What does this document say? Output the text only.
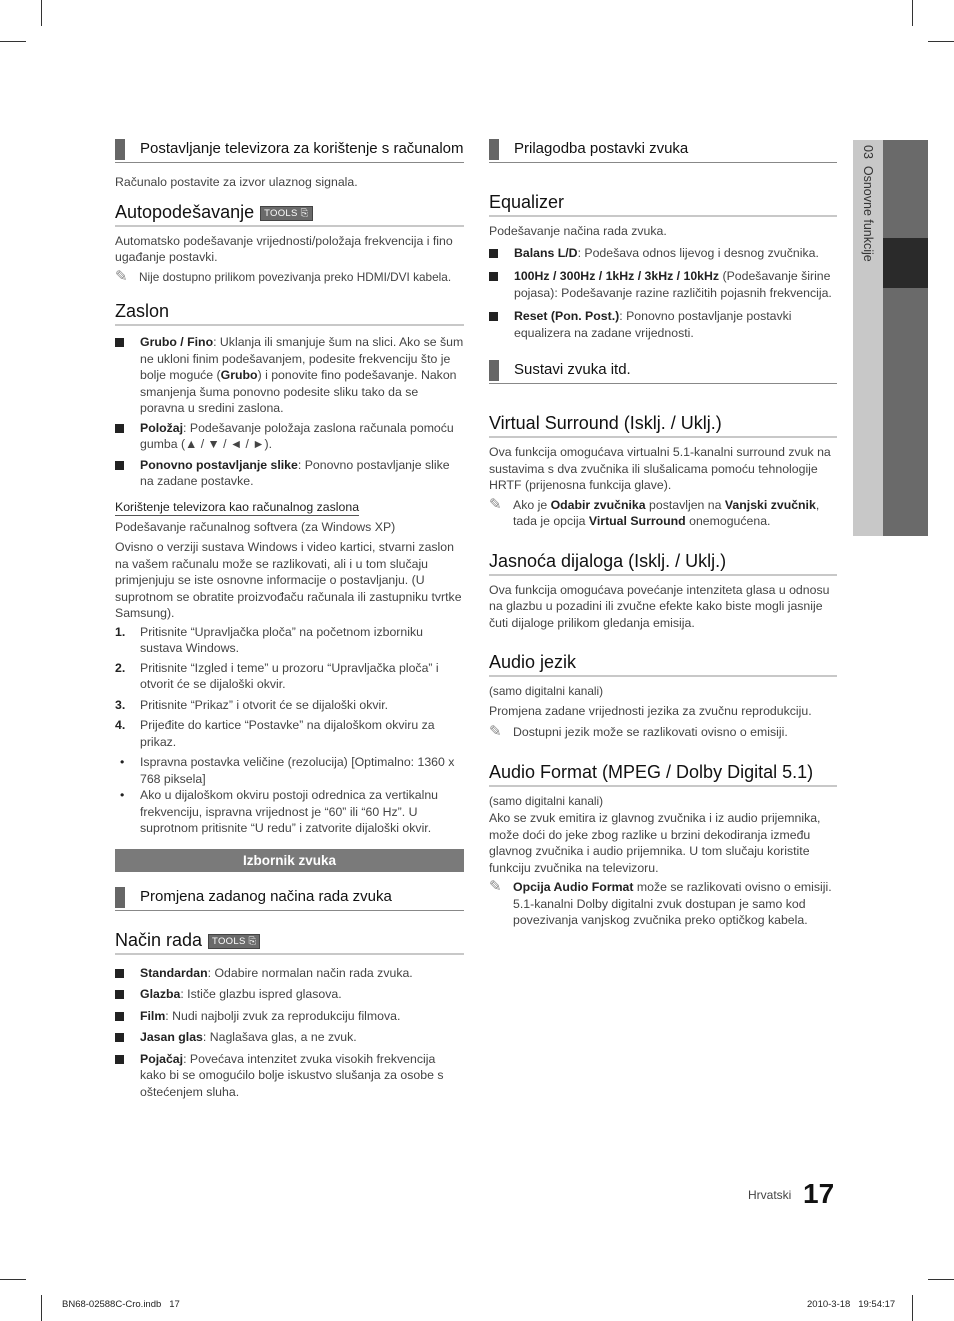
03  Osnovne funkcije
Postavljanje televizora za korištenje s računalom
Računalo postavite za izvor ulaznog signala.
Autopodešavanje TOOLS ⎘
Automatsko podešavanje vrijednosti/položaja frekvencija i fino ugađanje postavki.
✎ Nije dostupno prilikom povezivanja preko HDMI/DVI kabela.
Zaslon
Grubo / Fino: Uklanja ili smanjuje šum na slici. Ako se šum ne ukloni finim podešavanjem, podesite frekvenciju što je bolje moguće (Grubo) i ponovite fino podešavanje. Nakon smanjenja šuma ponovno podesite sliku tako da se poravna u sredini zaslona.
Položaj: Podešavanje položaja zaslona računala pomoću gumba (▲ / ▼ / ◄ / ►).
Ponovno postavljanje slike: Ponovno postavljanje slike na zadane postavke.
Korištenje televizora kao računalnog zaslona
Podešavanje računalnog softvera (za Windows XP)
Ovisno o verziji sustava Windows i video kartici, stvarni zaslon na vašem računalu može se razlikovati, ali i u tom slučaju primjenjuju se iste osnovne informacije o postavljanju. (U suprotnom se obratite proizvođaču računala ili zastupniku tvrtke Samsung).
1. Pritisnite “Upravljačka ploča” na početnom izborniku sustava Windows.
2. Pritisnite “Izgled i teme” u prozoru “Upravljačka ploča” i otvorit će se dijaloški okvir.
3. Pritisnite “Prikaz” i otvorit će se dijaloški okvir.
4. Prijeđite do kartice “Postavke” na dijaloškom okviru za prikaz.
• Ispravna postavka veličine (rezolucija) [Optimalno: 1360 x 768 piksela]
• Ako u dijaloškom okviru postoji odrednica za vertikalnu frekvenciju, ispravna vrijednost je “60” ili “60 Hz”. U suprotnom pritisnite “U redu” i zatvorite dijaloški okvir.
Izbornik zvuka
Promjena zadanog načina rada zvuka
Način rada TOOLS ⎘
Standardan: Odabire normalan način rada zvuka.
Glazba: Ističe glazbu ispred glasova.
Film: Nudi najbolji zvuk za reprodukciju filmova.
Jasan glas: Naglašava glas, a ne zvuk.
Pojačaj: Povećava intenzitet zvuka visokih frekvencija kako bi se omogućilo bolje iskustvo slušanja za osobe s oštećenjem sluha.
Prilagodba postavki zvuka
Equalizer
Podešavanje načina rada zvuka.
Balans L/D: Podešava odnos lijevog i desnog zvučnika.
100Hz / 300Hz / 1kHz / 3kHz / 10kHz (Podešavanje širine pojasa): Podešavanje razine različitih pojasnih frekvencija.
Reset (Pon. Post.): Ponovno postavljanje postavki equalizera na zadane vrijednosti.
Sustavi zvuka itd.
Virtual Surround (Isklj. / Uklj.)
Ova funkcija omogućava virtualni 5.1-kanalni surround zvuk na sustavima s dva zvučnika ili slušalicama pomoću tehnologije HRTF (prijenosna funkcija glave).
✎ Ako je Odabir zvučnika postavljen na Vanjski zvučnik, tada je opcija Virtual Surround onemogućena.
Jasnoća dijaloga (Isklj. / Uklj.)
Ova funkcija omogućava povećanje intenziteta glasa u odnosu na glazbu u pozadini ili zvučne efekte kako biste mogli jasnije čuti dijaloge prilikom gledanja emisija.
Audio jezik
(samo digitalni kanali)
Promjena zadane vrijednosti jezika za zvučnu reprodukciju.
✎ Dostupni jezik može se razlikovati ovisno o emisiji.
Audio Format (MPEG / Dolby Digital 5.1)
(samo digitalni kanali)
Ako se zvuk emitira iz glavnog zvučnika i iz audio prijemnika, može doći do jeke zbog razlike u brzini dekodiranja između glavnog zvučnika i audio prijemnika. U tom slučaju koristite funkciju zvučnika na televizoru.
✎ Opcija Audio Format može se razlikovati ovisno o emisiji. 5.1-kanalni Dolby digitalni zvuk dostupan je samo kod povezivanja vanjskog zvučnika preko optičkog kabela.
Hrvatski 17
BN68-02588C-Cro.indb   17	2010-3-18   19:54:17
